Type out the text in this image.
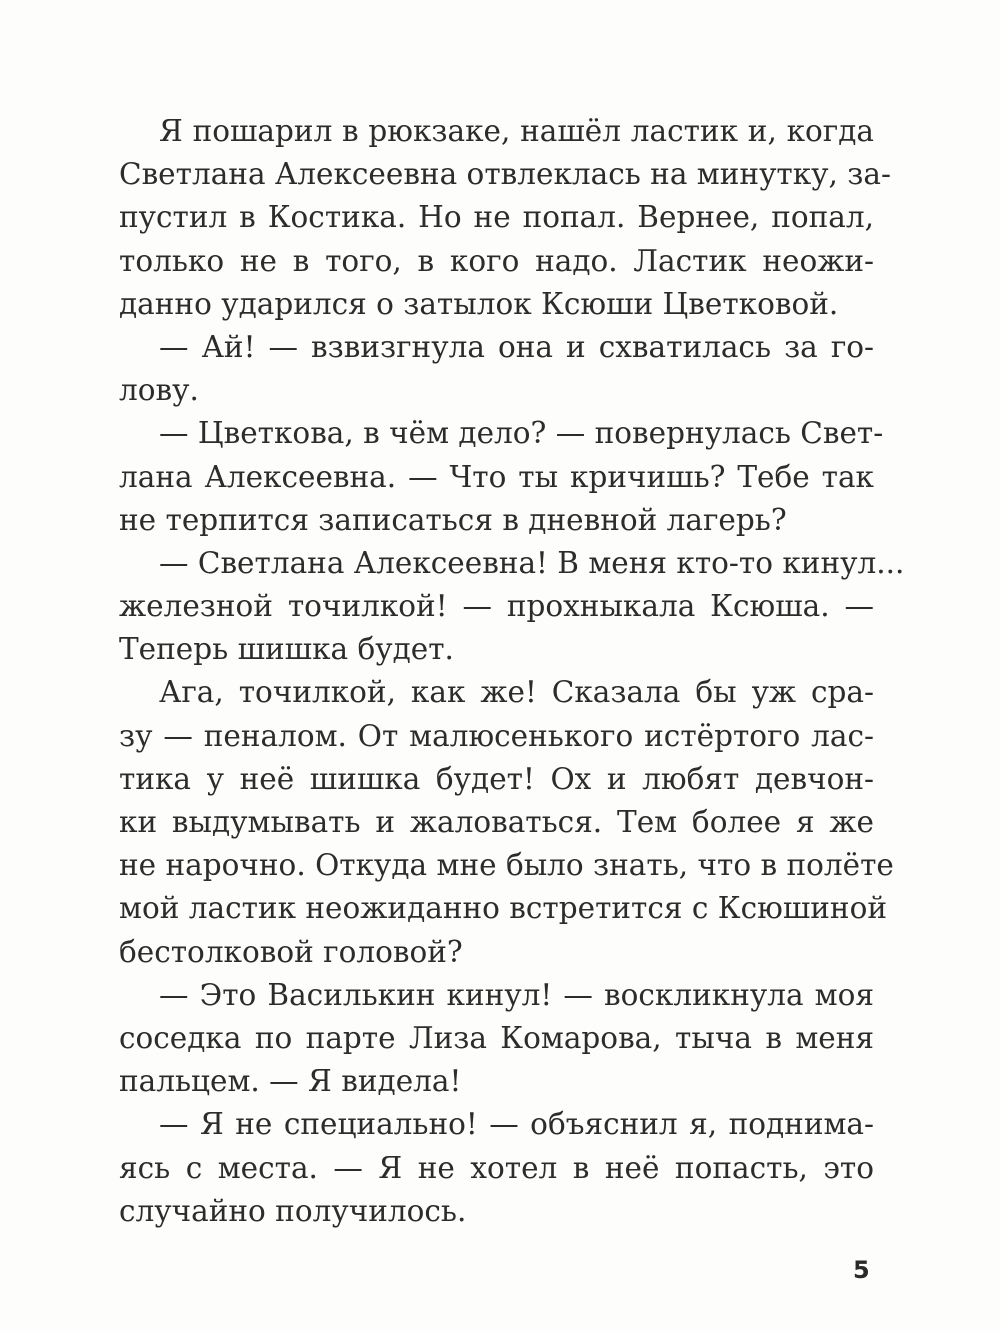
Я пошарил в рюкзаке, нашёл ластик и, когда
Светлана Алексеевна отвлеклась на минутку, за-
пустил в Костика. Но не попал. Вернее, попал,
только не в того, в кого надо. Ластик неожи-
данно ударился о затылок Ксюши Цветковой.
— Ай! — взвизгнула она и схватилась за го-
лову.
— Цветкова, в чём дело? — повернулась Свет-
лана Алексеевна. — Что ты кричишь? Тебе так
не терпится записаться в дневной лагерь?
— Светлана Алексеевна! В меня кто-то кинул...
железной точилкой! — прохныкала Ксюша. —
Теперь шишка будет.
Ага, точилкой, как же! Сказала бы уж сра-
зу — пеналом. От малюсенького истёртого лас-
тика у неё шишка будет! Ох и любят девчон-
ки выдумывать и жаловаться. Тем более я же
не нарочно. Откуда мне было знать, что в полёте
мой ластик неожиданно встретится с Ксюшиной
бестолковой головой?
— Это Василькин кинул! — воскликнула моя
соседка по парте Лиза Комарова, тыча в меня
пальцем. — Я видела!
— Я не специально! — объяснил я, поднима-
ясь с места. — Я не хотел в неё попасть, это
случайно получилось.
5
